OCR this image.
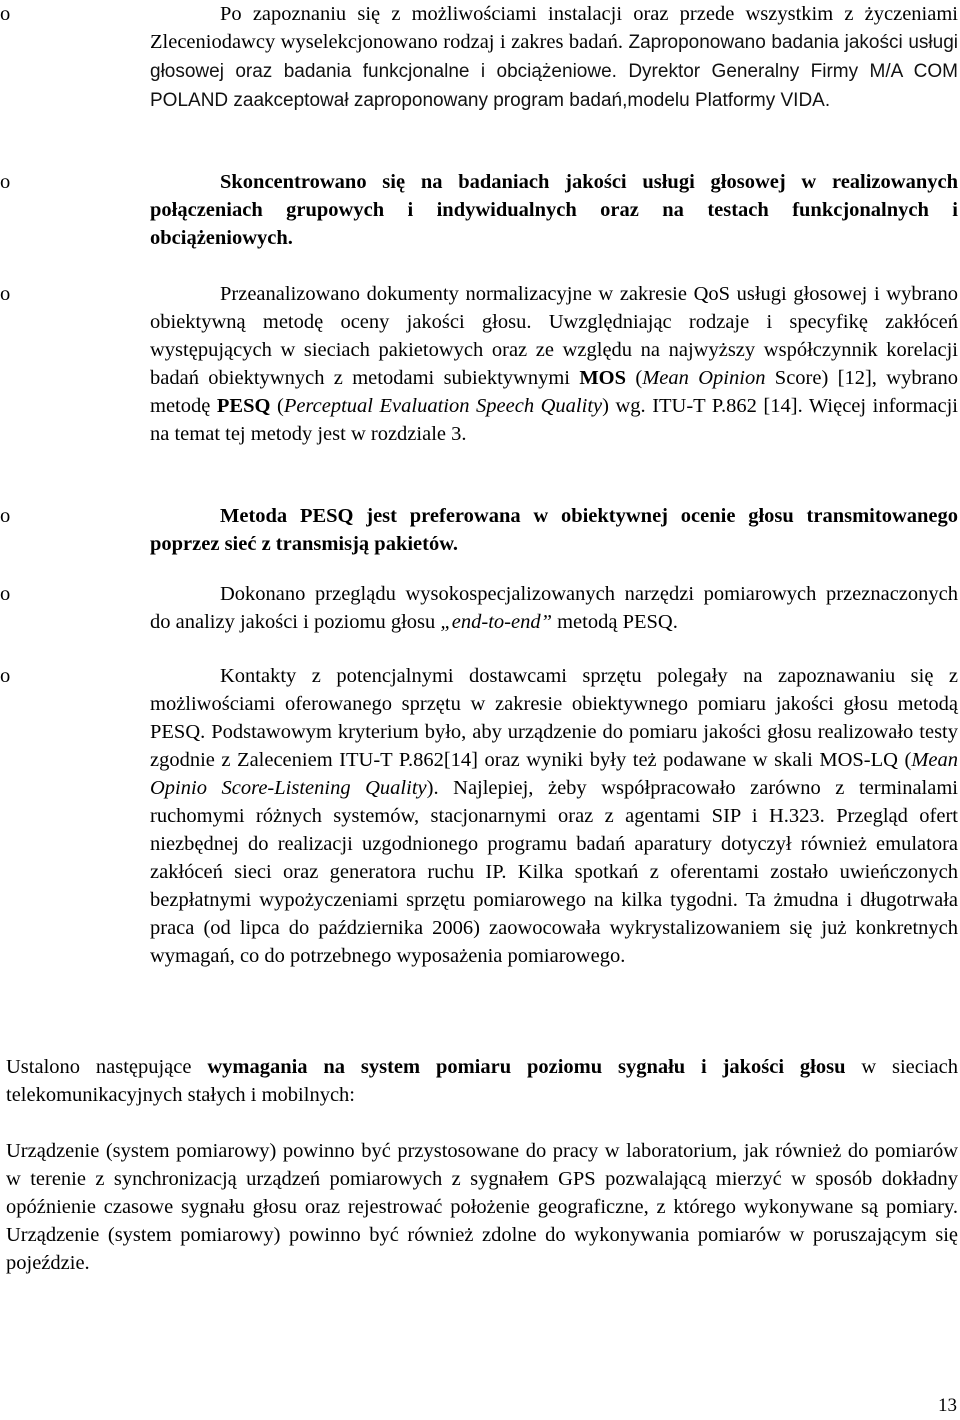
o	Po zapoznaniu się z możliwościami instalacji oraz przede wszystkim z życzeniami Zleceniodawcy wyselekcjonowano rodzaj i zakres badań. Zaproponowano badania jakości usługi głosowej oraz badania funkcjonalne i obciążeniowe. Dyrektor Generalny Firmy M/A COM POLAND zaakceptował zaproponowany program badań,modelu Platformy VIDA.
o	Skoncentrowano się na badaniach jakości usługi głosowej w realizowanych połączeniach grupowych i indywidualnych oraz na testach funkcjonalnych i obciążeniowych.
o	Przeanalizowano dokumenty normalizacyjne w zakresie QoS usługi głosowej i wybrano obiektywną metodę oceny jakości głosu. Uwzględniając rodzaje i specyfikę zakłóceń występujących w sieciach pakietowych oraz ze względu na najwyższy współczynnik korelacji badań obiektywnych z metodami subiektywnymi MOS (Mean Opinion Score) [12], wybrano metodę PESQ (Perceptual Evaluation Speech Quality) wg. ITU-T P.862 [14]. Więcej informacji na temat tej metody jest w rozdziale 3.
o	Metoda PESQ jest preferowana w obiektywnej ocenie głosu transmitowanego poprzez sieć z transmisją pakietów.
o	Dokonano przeglądu wysokospecjalizowanych narzędzi pomiarowych przeznaczonych do analizy jakości i poziomu głosu „end-to-end” metodą PESQ.
o	Kontakty z potencjalnymi dostawcami sprzętu polegały na zapoznawaniu się z możliwościami oferowanego sprzętu w zakresie obiektywnego pomiaru jakości głosu metodą PESQ. Podstawowym kryterium było, aby urządzenie do pomiaru jakości głosu realizowało testy zgodnie z Zaleceniem ITU-T P.862[14] oraz wyniki były też podawane w skali MOS-LQ (Mean Opinio Score-Listening Quality). Najlepiej, żeby współpracowało zarówno z terminalami ruchomymi różnych systemów, stacjonarnymi oraz z agentami SIP i H.323. Przegląd ofert niezbędnej do realizacji uzgodnionego programu badań aparatury dotyczył również emulatora zakłóceń sieci oraz generatora ruchu IP. Kilka spotkań z oferentami zostało uwieńczonych bezpłatnymi wypożyczeniami sprzętu pomiarowego na kilka tygodni. Ta żmudna i długotrwała praca (od lipca do października 2006) zaowocowała wykrystalizowaniem się już konkretnych wymagań, co do potrzebnego wyposażenia pomiarowego.
Ustalono następujące wymagania na system pomiaru poziomu sygnału i jakości głosu w sieciach telekomunikacyjnych stałych i mobilnych:
Urządzenie (system pomiarowy) powinno być przystosowane do pracy w laboratorium, jak również do pomiarów w terenie z synchronizacją urządzeń pomiarowych z sygnałem GPS pozwalającą mierzyć w sposób dokładny opóźnienie czasowe sygnału głosu oraz rejestrować położenie geograficzne, z którego wykonywane są pomiary. Urządzenie (system pomiarowy) powinno być również zdolne do wykonywania pomiarów w poruszającym się pojeździe.
13
